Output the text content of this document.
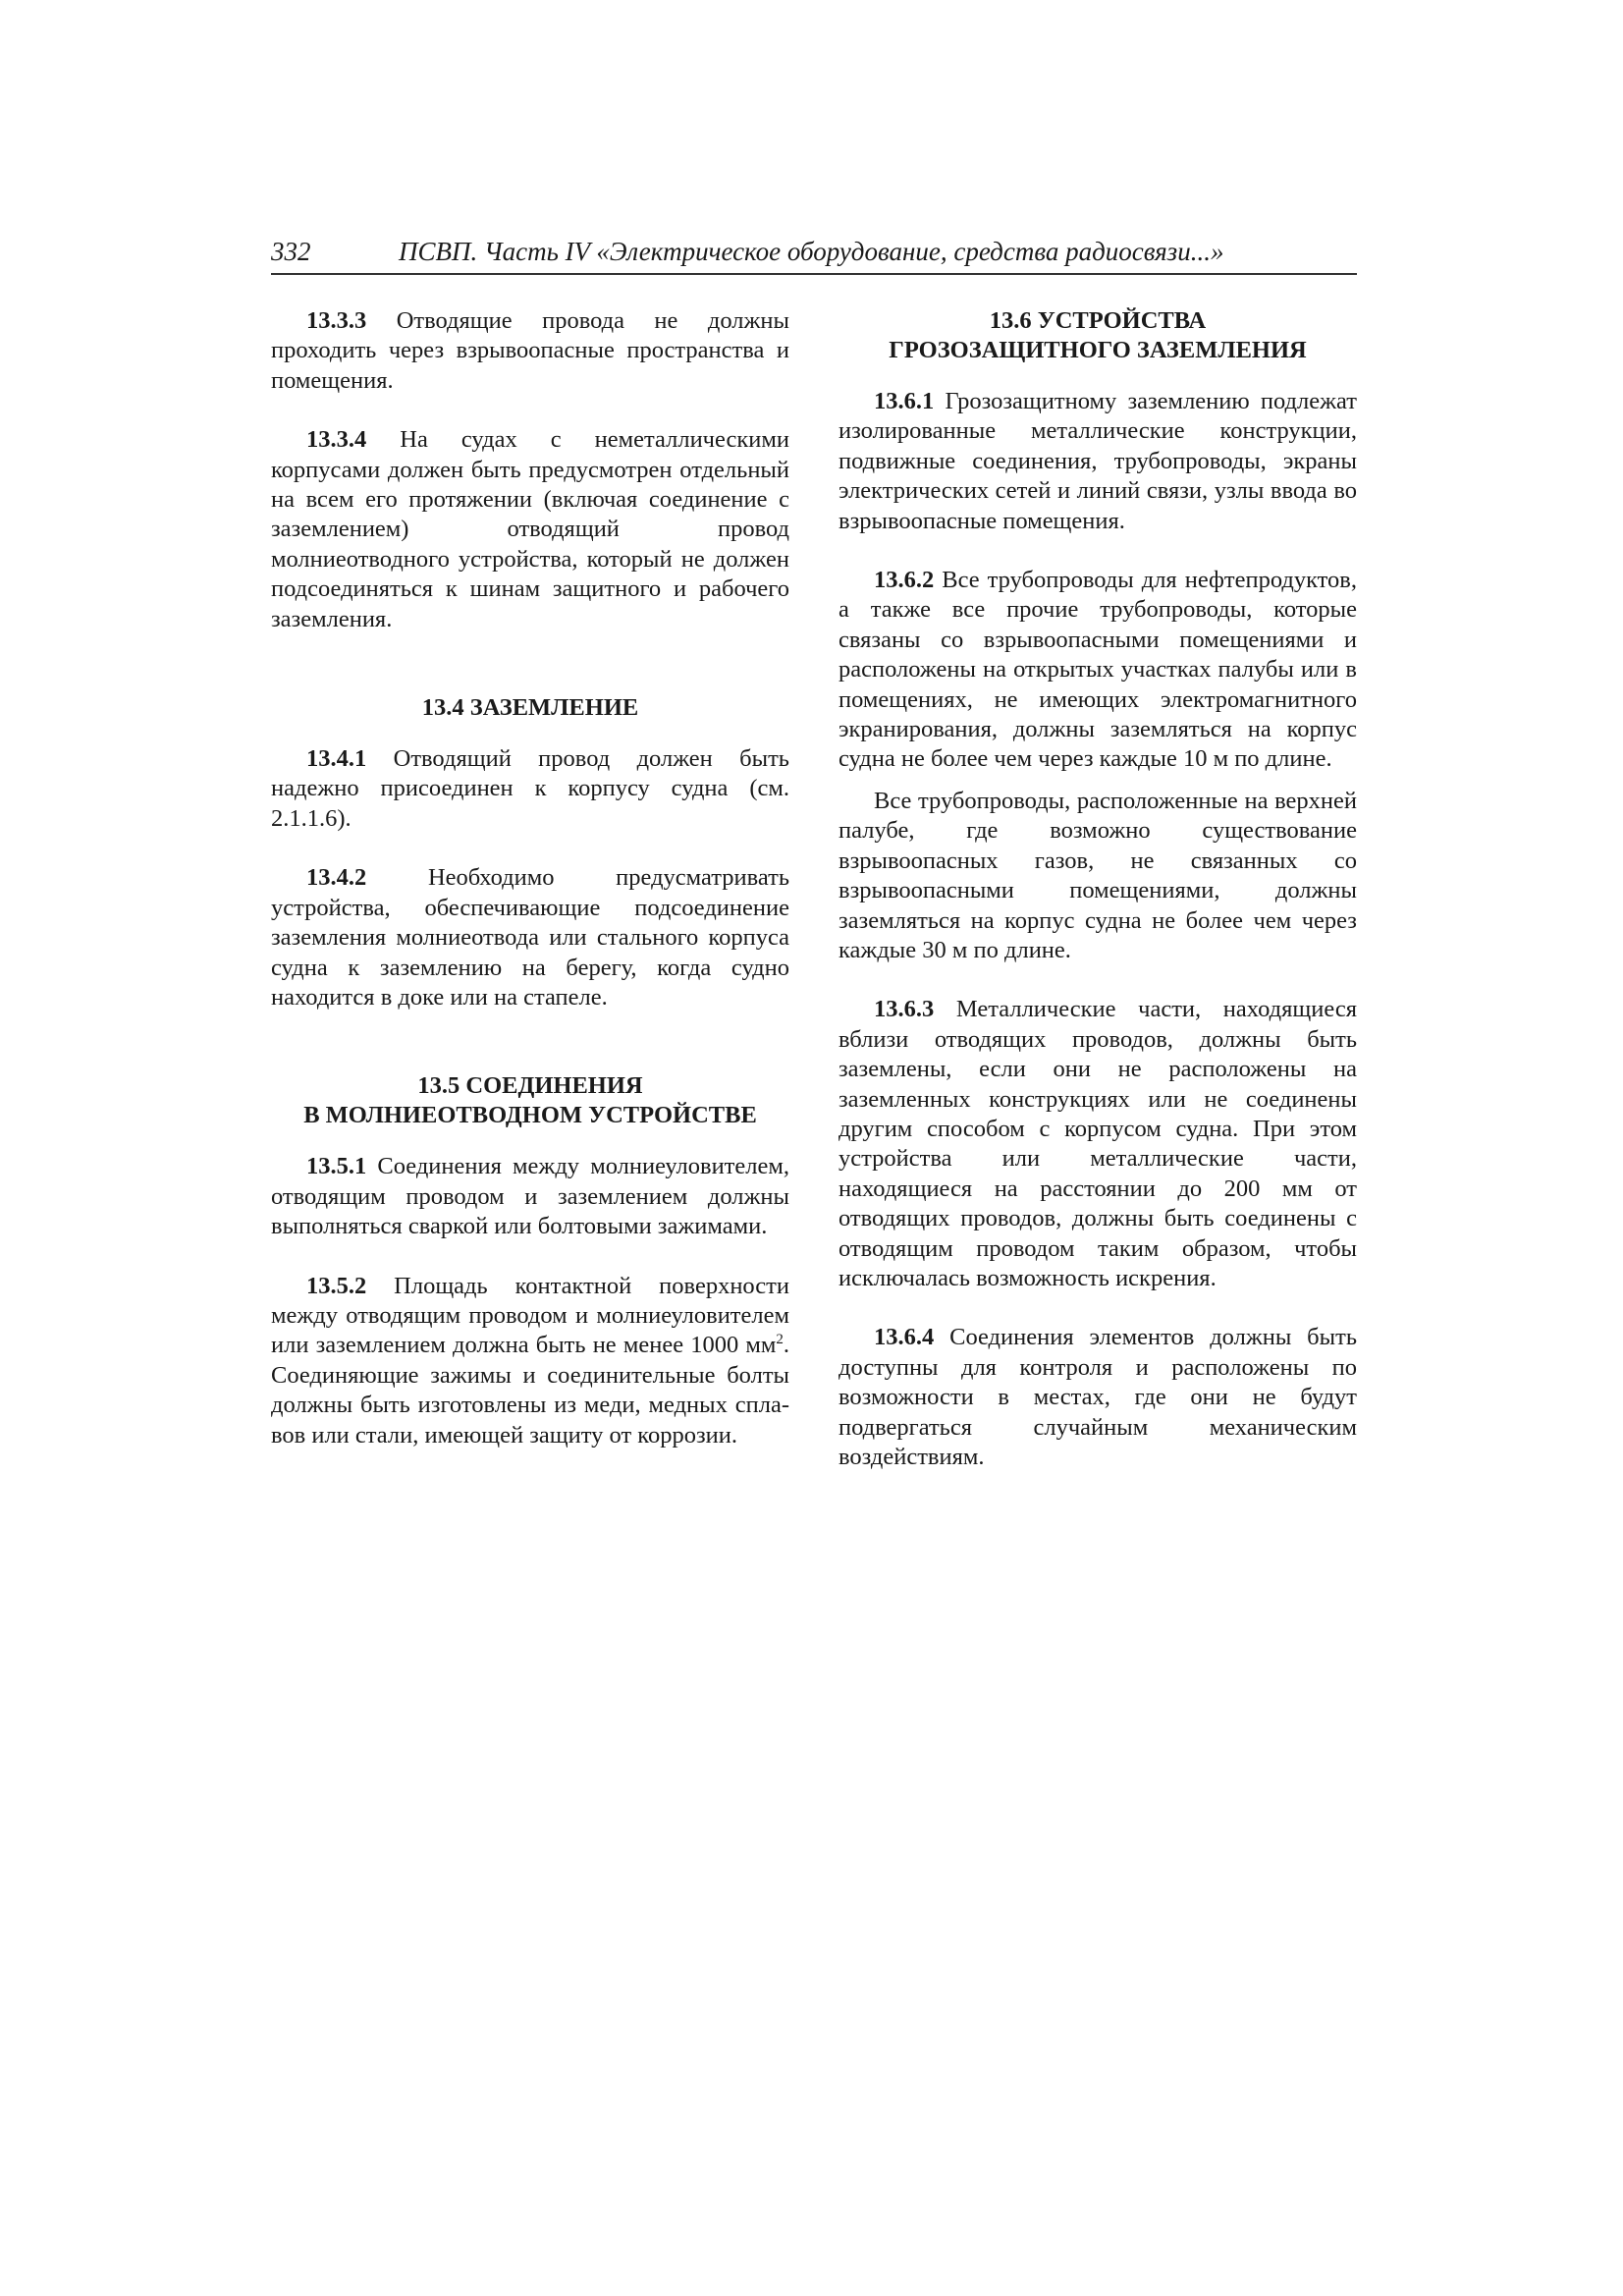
332	ПСВП. Часть IV «Электрическое оборудование, средства радиосвязи...»

13.3.3 Отводящие провода не должны проходить через взрывоопасные пространства и помещения.

13.3.4 На судах с неметаллическими корпусами должен быть предусмотрен отдельный на всем его протяжении (включая соединение с заземлением) отводящий провод молниеотводного устройства, который не должен подсоединяться к шинам защитного и рабочего заземления.

13.4 ЗАЗЕМЛЕНИЕ

13.4.1 Отводящий провод должен быть надежно присоединен к корпусу судна (см. 2.1.1.6).

13.4.2 Необходимо предусматривать устройства, обеспечивающие подсоединение заземления молниеотвода или стального корпуса судна к заземлению на берегу, когда судно находится в доке или на стапеле.

13.5 СОЕДИНЕНИЯ
В МОЛНИЕОТВОДНОМ УСТРОЙСТВЕ

13.5.1 Соединения между молниеуловителем, отводящим проводом и заземлением должны выполняться сваркой или болтовыми зажимами.

13.5.2 Площадь контактной поверхности между отводящим проводом и молниеуловителем или заземлением должна быть не менее 1000 $мм^2$. Соединяющие зажимы и соединительные болты должны быть изготовлены из меди, медных сплавов или стали, имеющей защиту от коррозии.

13.6 УСТРОЙСТВА
ГРОЗОЗАЩИТНОГО ЗАЗЕМЛЕНИЯ

13.6.1 Грозозащитному заземлению подлежат изолированные металлические конструкции, подвижные соединения, трубопроводы, экраны электрических сетей и линий связи, узлы ввода во взрывоопасные помещения.

13.6.2 Все трубопроводы для нефтепродуктов, а также все прочие трубопроводы, которые связаны со взрывоопасными помещениями и расположены на открытых участках палубы или в помещениях, не имеющих электромагнитного экранирования, должны заземляться на корпус судна не более чем через каждые 10 м по длине.

Все трубопроводы, расположенные на верхней палубе, где возможно существование взрывоопасных газов, не связанных со взрывоопасными помещениями, должны заземляться на корпус судна не более чем через каждые 30 м по длине.

13.6.3 Металлические части, находящиеся вблизи отводящих проводов, должны быть заземлены, если они не расположены на заземленных конструкциях или не соединены другим способом с корпусом судна. При этом устройства или металлические части, находящиеся на расстоянии до 200 мм от отводящих проводов, должны быть соединены с отводящим проводом таким образом, чтобы исключалась возможность искрения.

13.6.4 Соединения элементов должны быть доступны для контроля и расположены по возможности в местах, где они не будут подвергаться случайным механическим воздействиям.
